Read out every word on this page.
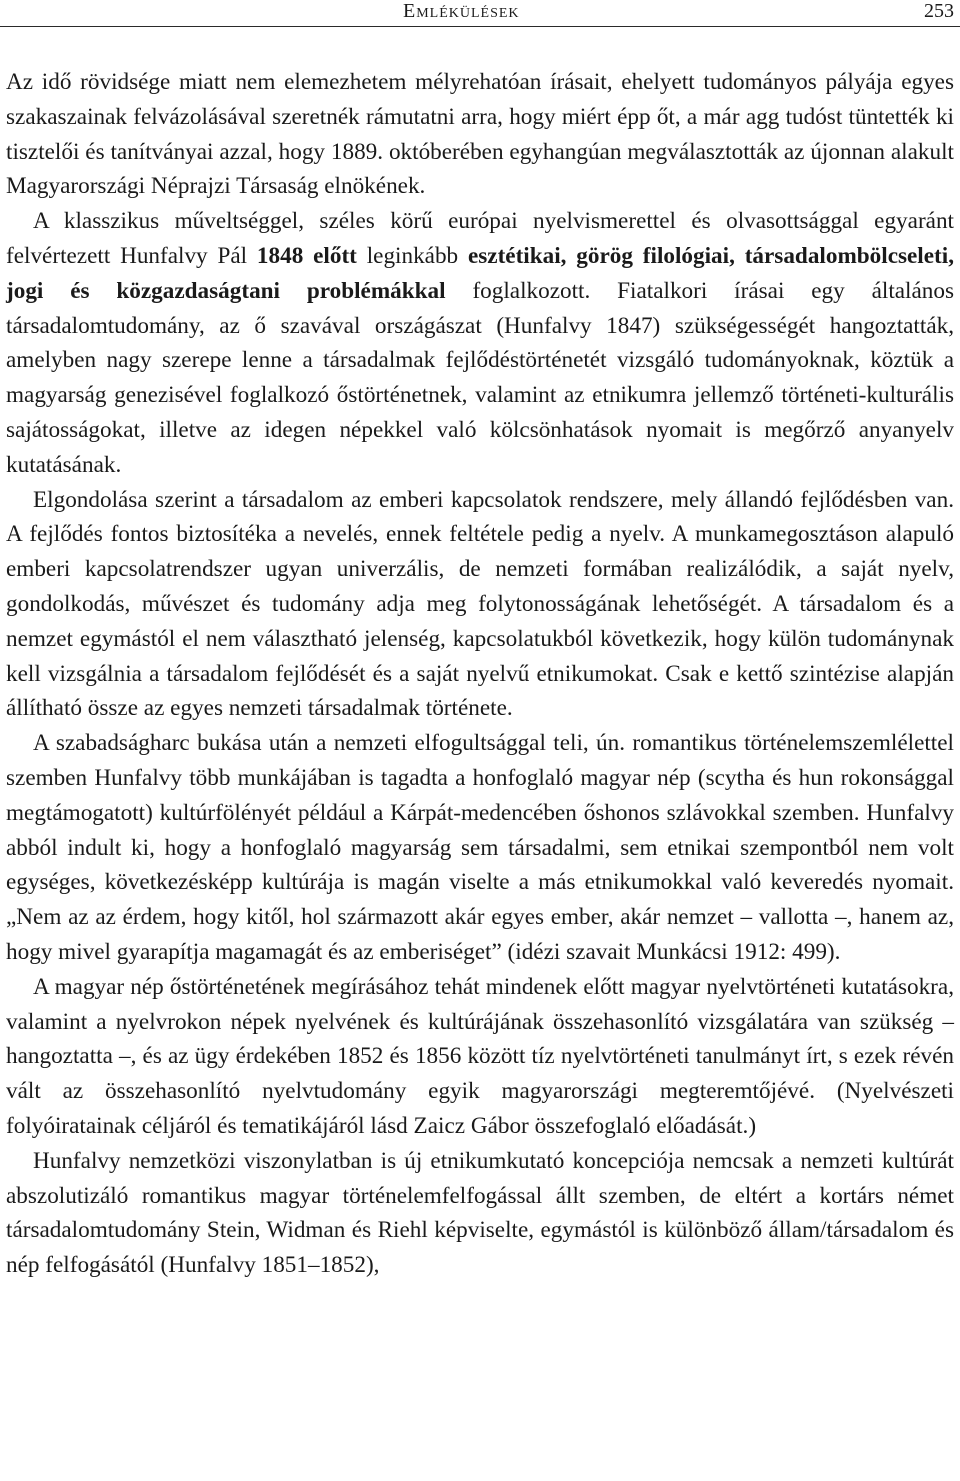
Emlékülések	253

Az idő rövidsége miatt nem elemezhetem mélyrehatóan írásait, ehelyett tudományos pályája egyes szakaszainak felvázolásával szeretnék rámutatni arra, hogy miért épp őt, a már agg tudóst tüntették ki tisztelői és tanítványai azzal, hogy 1889. októberében egyhangúan megválasztották az újonnan alakult Magyarországi Néprajzi Társaság elnökének.

A klasszikus műveltséggel, széles körű európai nyelvismerettel és olvasottsággal egyaránt felvértezett Hunfalvy Pál 1848 előtt leginkább esztétikai, görög filológiai, társadalombölcseleti, jogi és közgazdaságtani problémákkal foglalkozott. Fiatalkori írásai egy általános társadalomtudomány, az ő szavával országászat (Hunfalvy 1847) szükségességét hangoztatták, amelyben nagy szerepe lenne a társadalmak fejlődéstörténetét vizsgáló tudományoknak, köztük a magyarság genezisével foglalkozó őstörténetnek, valamint az etnikumra jellemző történeti-kulturális sajátosságokat, illetve az idegen népekkel való kölcsönhatások nyomait is megőrző anyanyelv kutatásának.

Elgondolása szerint a társadalom az emberi kapcsolatok rendszere, mely állandó fejlődésben van. A fejlődés fontos biztosítéka a nevelés, ennek feltétele pedig a nyelv. A munkamegosztáson alapuló emberi kapcsolatrendszer ugyan univerzális, de nemzeti formában realizálódik, a saját nyelv, gondolkodás, művészet és tudomány adja meg folytonosságának lehetőségét. A társadalom és a nemzet egymástól el nem választható jelenség, kapcsolatukból következik, hogy külön tudománynak kell vizsgálnia a társadalom fejlődését és a saját nyelvű etnikumokat. Csak e kettő szintézise alapján állítható össze az egyes nemzeti társadalmak története.

A szabadságharc bukása után a nemzeti elfogultsággal teli, ún. romantikus történelemszemlélettel szemben Hunfalvy több munkájában is tagadta a honfoglaló magyar nép (scytha és hun rokonsággal megtámogatott) kultúrfölényét például a Kárpát-medencében őshonos szlávokkal szemben. Hunfalvy abból indult ki, hogy a honfoglaló magyarság sem társadalmi, sem etnikai szempontból nem volt egységes, következésképp kultúrája is magán viselte a más etnikumokkal való keveredés nyomait. „Nem az az érdem, hogy kitől, hol származott akár egyes ember, akár nemzet – vallotta –, hanem az, hogy mivel gyarapítja magamagát és az emberiséget” (idézi szavait Munkácsi 1912: 499).

A magyar nép őstörténetének megírásához tehát mindenek előtt magyar nyelvtörténeti kutatásokra, valamint a nyelvrokon népek nyelvének és kultúrájának összehasonlító vizsgálatára van szükség – hangoztatta –, és az ügy érdekében 1852 és 1856 között tíz nyelvtörténeti tanulmányt írt, s ezek révén vált az összehasonlító nyelvtudomány egyik magyarországi megteremtőjévé. (Nyelvészeti folyóiratainak céljáról és tematikájáról lásd Zaicz Gábor összefoglaló előadását.)

Hunfalvy nemzetközi viszonylatban is új etnikumkutató koncepciója nemcsak a nemzeti kultúrát abszolutizáló romantikus magyar történelemfelfogással állt szemben, de eltért a kortárs német társadalomtudomány Stein, Widman és Riehl képviselte, egymástól is különböző állam/társadalom és nép felfogásától (Hunfalvy 1851–1852),
